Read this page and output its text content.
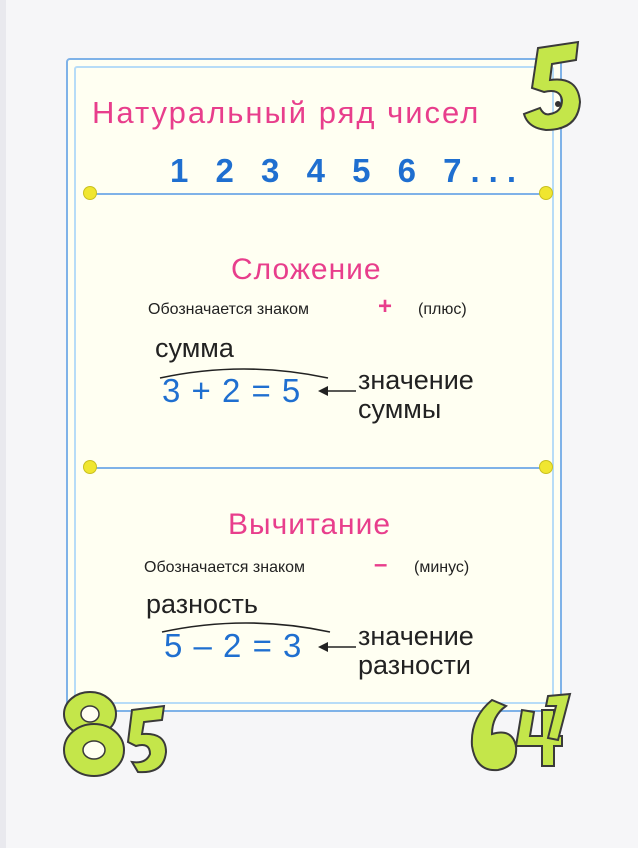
Натуральный ряд чисел
1 2 3 4 5 6 7...
Сложение
Обозначается знаком	+ (плюс)
сумма
3 + 2 = 5 значение
суммы
Вычитание
Обозначается знаком	– (минус)
разность
5 – 2 = 3 значение
разности
